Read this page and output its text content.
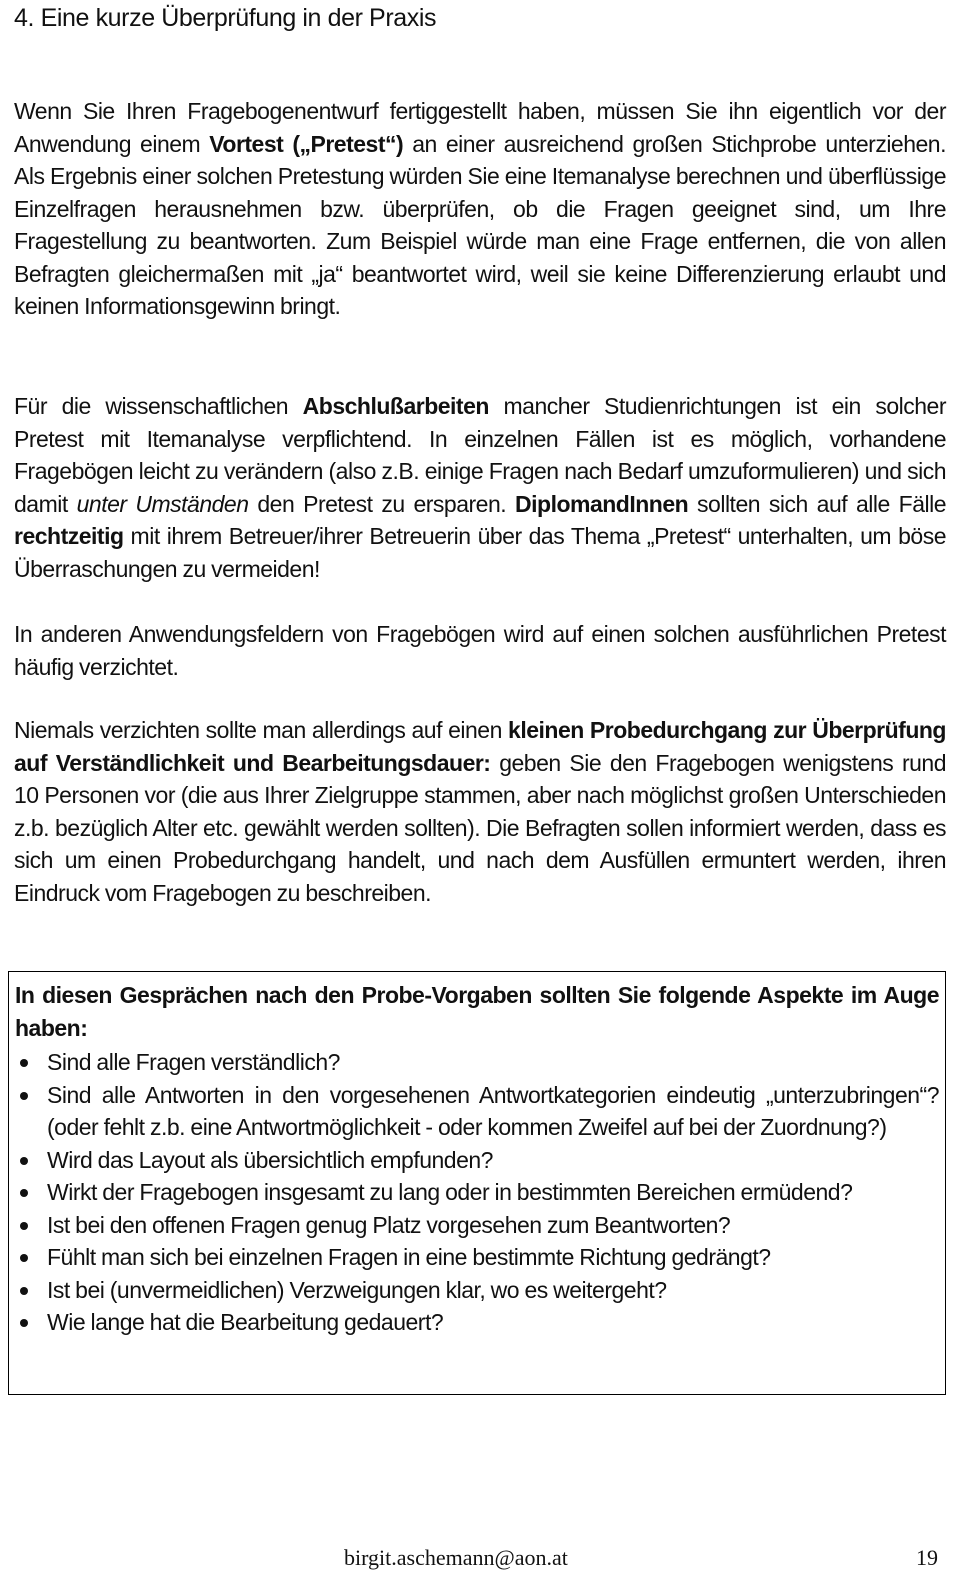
4. Eine kurze Überprüfung in der Praxis
Wenn Sie Ihren Fragebogenentwurf fertiggestellt haben, müssen Sie ihn eigentlich vor der Anwendung einem Vortest („Pretest“) an einer ausreichend großen Stichprobe unterziehen. Als Ergebnis einer solchen Pretestung würden Sie eine Itemanalyse berechnen und überflüssige Einzelfragen herausnehmen bzw. überprüfen, ob die Fragen geeignet sind, um Ihre Fragestellung zu beantworten. Zum Beispiel würde man eine Frage entfernen, die von allen Befragten gleichermaßen mit „ja“ beantwortet wird, weil sie keine Differenzierung erlaubt und keinen Informationsgewinn bringt.
Für die wissenschaftlichen Abschlußarbeiten mancher Studienrichtungen ist ein solcher Pretest mit Itemanalyse verpflichtend. In einzelnen Fällen ist es möglich, vorhandene Fragebögen leicht zu verändern (also z.B. einige Fragen nach Bedarf umzuformulieren) und sich damit unter Umständen den Pretest zu ersparen. DiplomandInnen sollten sich auf alle Fälle rechtzeitig mit ihrem Betreuer/ihrer Betreuerin über das Thema „Pretest“ unterhalten, um böse Überraschungen zu vermeiden!
In anderen Anwendungsfeldern von Fragebögen wird auf einen solchen ausführlichen Pretest häufig verzichtet.
Niemals verzichten sollte man allerdings auf einen kleinen Probedurchgang zur Überprüfung auf Verständlichkeit und Bearbeitungsdauer: geben Sie den Fragebogen wenigstens rund 10 Personen vor (die aus Ihrer Zielgruppe stammen, aber nach möglichst großen Unterschieden z.b. bezüglich Alter etc. gewählt werden sollten). Die Befragten sollen informiert werden, dass es sich um einen Probedurchgang handelt, und nach dem Ausfüllen ermuntert werden, ihren Eindruck vom Fragebogen zu beschreiben.
In diesen Gesprächen nach den Probe-Vorgaben sollten Sie folgende Aspekte im Auge haben:
Sind alle Fragen verständlich?
Sind alle Antworten in den vorgesehenen Antwortkategorien eindeutig „unterzubringen“? (oder fehlt z.b. eine Antwortmöglichkeit - oder kommen Zweifel auf bei der Zuordnung?)
Wird das Layout als übersichtlich empfunden?
Wirkt der Fragebogen insgesamt zu lang oder in bestimmten Bereichen ermüdend?
Ist bei den offenen Fragen genug Platz vorgesehen zum Beantworten?
Fühlt man sich bei einzelnen Fragen in eine bestimmte Richtung gedrängt?
Ist bei (unvermeidlichen) Verzweigungen klar, wo es weitergeht?
Wie lange hat die Bearbeitung gedauert?
birgit.aschemann@aon.at	19
